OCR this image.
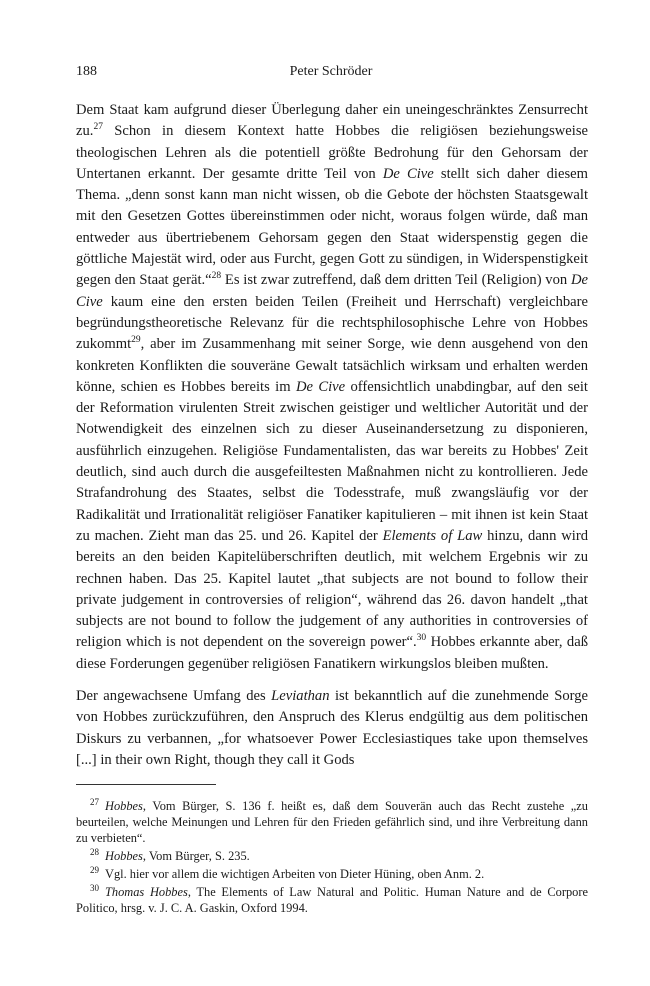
188	Peter Schröder

Dem Staat kam aufgrund dieser Überlegung daher ein uneingeschränktes Zensurrecht zu.$^{27}$ Schon in diesem Kontext hatte Hobbes die religiösen beziehungsweise theologischen Lehren als die potentiell größte Bedrohung für den Gehorsam der Untertanen erkannt. Der gesamte dritte Teil von De Cive stellt sich daher diesem Thema. „denn sonst kann man nicht wissen, ob die Gebote der höchsten Staatsgewalt mit den Gesetzen Gottes übereinstimmen oder nicht, woraus folgen würde, daß man entweder aus übertriebenem Gehorsam gegen den Staat widerspenstig gegen die göttliche Majestät wird, oder aus Furcht, gegen Gott zu sündigen, in Widerspenstigkeit gegen den Staat gerät.“$^{28}$ Es ist zwar zutreffend, daß dem dritten Teil (Religion) von De Cive kaum eine den ersten beiden Teilen (Freiheit und Herrschaft) vergleichbare begründungstheoretische Relevanz für die rechtsphilosophische Lehre von Hobbes zukommt$^{29}$, aber im Zusammenhang mit seiner Sorge, wie denn ausgehend von den konkreten Konflikten die souveräne Gewalt tatsächlich wirksam und erhalten werden könne, schien es Hobbes bereits im De Cive offensichtlich unabdingbar, auf den seit der Reformation virulenten Streit zwischen geistiger und weltlicher Autorität und der Notwendigkeit des einzelnen sich zu dieser Auseinandersetzung zu disponieren, ausführlich einzugehen. Religiöse Fundamentalisten, das war bereits zu Hobbes' Zeit deutlich, sind auch durch die ausgefeiltesten Maßnahmen nicht zu kontrollieren. Jede Strafandrohung des Staates, selbst die Todesstrafe, muß zwangsläufig vor der Radikalität und Irrationalität religiöser Fanatiker kapitulieren – mit ihnen ist kein Staat zu machen. Zieht man das 25. und 26. Kapitel der Elements of Law hinzu, dann wird bereits an den beiden Kapitelüberschriften deutlich, mit welchem Ergebnis wir zu rechnen haben. Das 25. Kapitel lautet „that subjects are not bound to follow their private judgement in controversies of religion“, während das 26. davon handelt „that subjects are not bound to follow the judgement of any authorities in controversies of religion which is not dependent on the sovereign power“.$^{30}$ Hobbes erkannte aber, daß diese Forderungen gegenüber religiösen Fanatikern wirkungslos bleiben mußten.

Der angewachsene Umfang des Leviathan ist bekanntlich auf die zunehmende Sorge von Hobbes zurückzuführen, den Anspruch des Klerus endgültig aus dem politischen Diskurs zu verbannen, „for whatsoever Power Ecclesiastiques take upon themselves [...] in their own Right, though they call it Gods

$^{27}$ Hobbes, Vom Bürger, S. 136 f. heißt es, daß dem Souverän auch das Recht zustehe „zu beurteilen, welche Meinungen und Lehren für den Frieden gefährlich sind, und ihre Verbreitung dann zu verbieten“.

$^{28}$ Hobbes, Vom Bürger, S. 235.

$^{29}$ Vgl. hier vor allem die wichtigen Arbeiten von Dieter Hüning, oben Anm. 2.

$^{30}$ Thomas Hobbes, The Elements of Law Natural and Politic. Human Nature and de Corpore Politico, hrsg. v. J. C. A. Gaskin, Oxford 1994.
